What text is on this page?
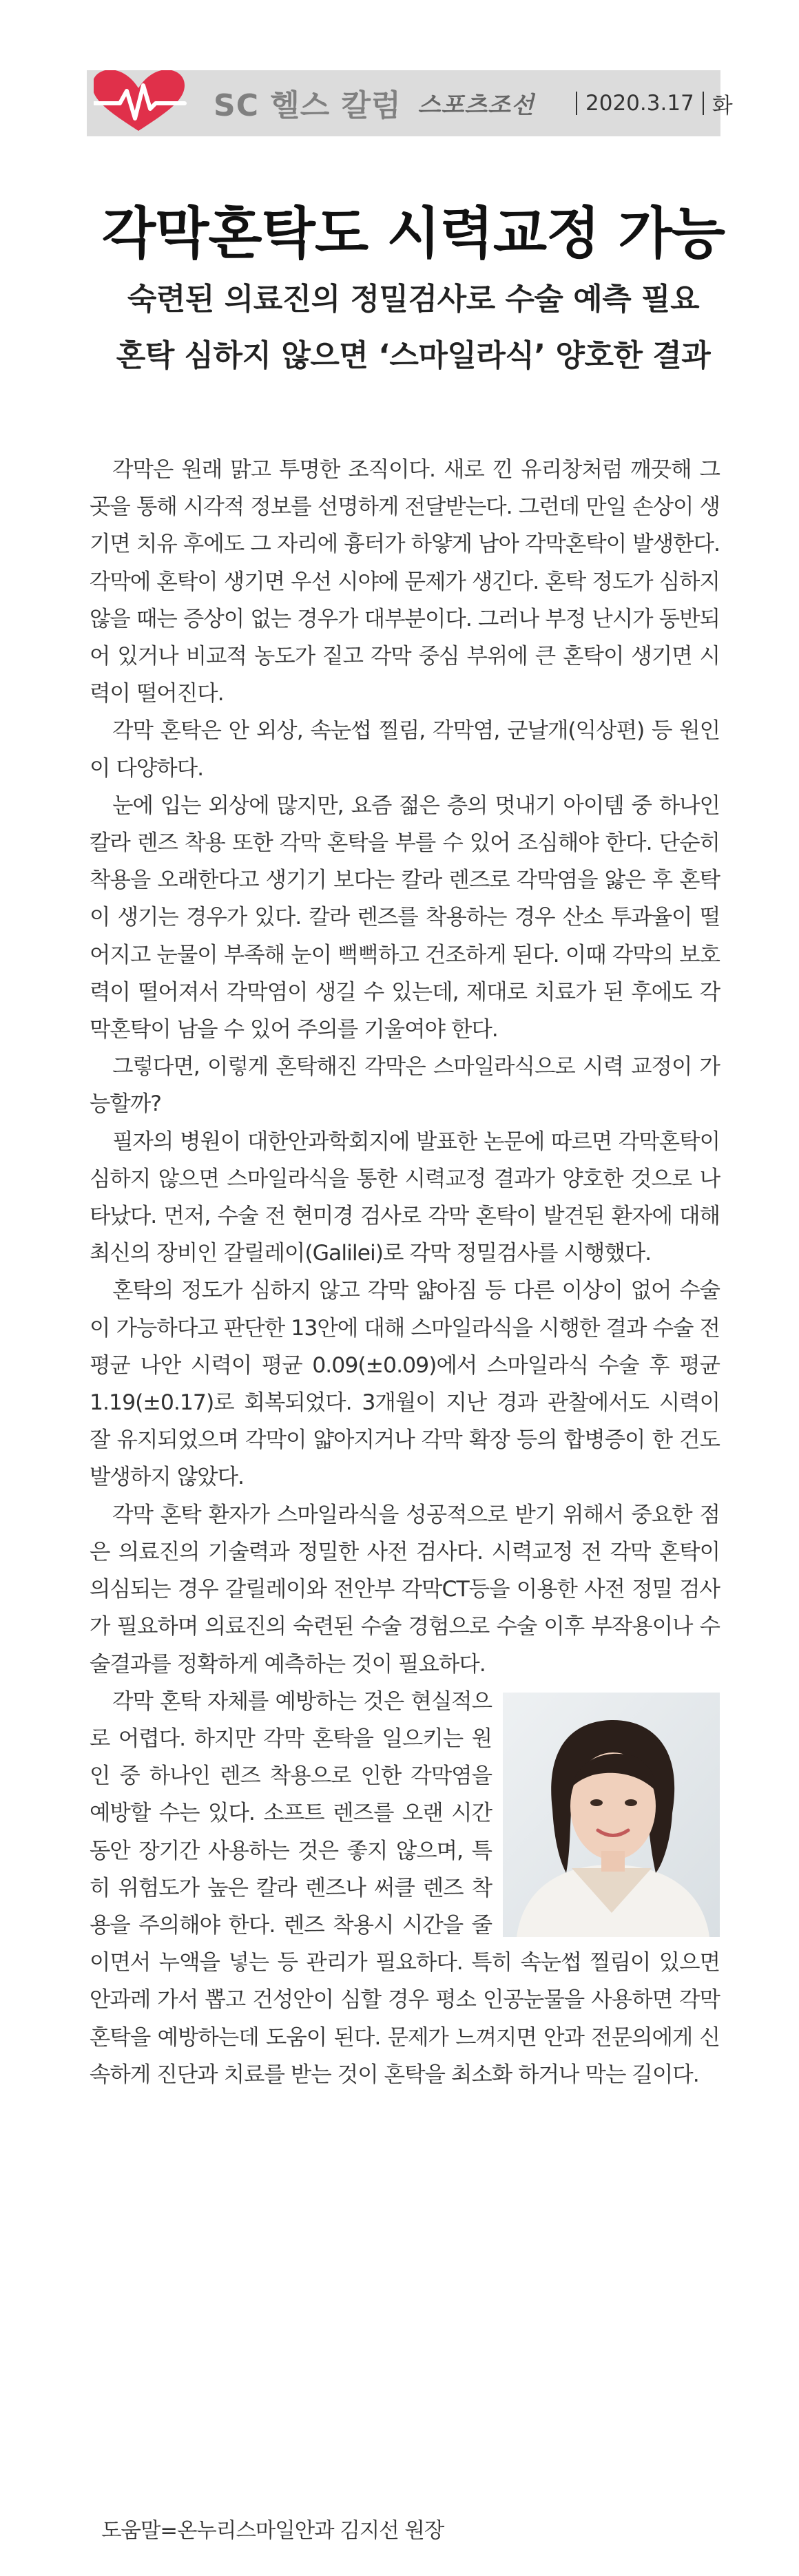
SC 헬스 칼럼 스포츠조선 2020.3.17 화
각막혼탁도 시력교정 가능
숙련된 의료진의 정밀검사로 수술 예측 필요
혼탁 심하지 않으면 ‘스마일라식’ 양호한 결과

각막은 원래 맑고 투명한 조직이다. 새로 낀 유리창처럼 깨끗해 그곳을 통해 시각적 정보를 선명하게 전달받는다. 그런데 만일 손상이 생기면 치유 후에도 그 자리에 흉터가 하얗게 남아 각막혼탁이 발생한다. 각막에 혼탁이 생기면 우선 시야에 문제가 생긴다. 혼탁 정도가 심하지 않을 때는 증상이 없는 경우가 대부분이다. 그러나 부정 난시가 동반되어 있거나 비교적 농도가 짙고 각막 중심 부위에 큰 혼탁이 생기면 시력이 떨어진다.

각막 혼탁은 안 외상, 속눈썹 찔림, 각막염, 군날개(익상편) 등 원인이 다양하다.

눈에 입는 외상에 많지만, 요즘 젊은 층의 멋내기 아이템 중 하나인 칼라 렌즈 착용 또한 각막 혼탁을 부를 수 있어 조심해야 한다. 단순히 착용을 오래한다고 생기기 보다는 칼라 렌즈로 각막염을 앓은 후 혼탁이 생기는 경우가 있다. 칼라 렌즈를 착용하는 경우 산소 투과율이 떨어지고 눈물이 부족해 눈이 뻑뻑하고 건조하게 된다. 이때 각막의 보호력이 떨어져서 각막염이 생길 수 있는데, 제대로 치료가 된 후에도 각막혼탁이 남을 수 있어 주의를 기울여야 한다.

그렇다면, 이렇게 혼탁해진 각막은 스마일라식으로 시력 교정이 가능할까?

필자의 병원이 대한안과학회지에 발표한 논문에 따르면 각막혼탁이 심하지 않으면 스마일라식을 통한 시력교정 결과가 양호한 것으로 나타났다. 먼저, 수술 전 현미경 검사로 각막 혼탁이 발견된 환자에 대해 최신의 장비인 갈릴레이(Galilei)로 각막 정밀검사를 시행했다.

혼탁의 정도가 심하지 않고 각막 얇아짐 등 다른 이상이 없어 수술이 가능하다고 판단한 13안에 대해 스마일라식을 시행한 결과 수술 전 평균 나안 시력이 평균 0.09(±0.09)에서 스마일라식 수술 후 평균 1.19(±0.17)로 회복되었다. 3개월이 지난 경과 관찰에서도 시력이 잘 유지되었으며 각막이 얇아지거나 각막 확장 등의 합병증이 한 건도 발생하지 않았다.

각막 혼탁 환자가 스마일라식을 성공적으로 받기 위해서 중요한 점은 의료진의 기술력과 정밀한 사전 검사다. 시력교정 전 각막 혼탁이 의심되는 경우 갈릴레이와 전안부 각막CT등을 이용한 사전 정밀 검사가 필요하며 의료진의 숙련된 수술 경험으로 수술 이후 부작용이나 수술결과를 정확하게 예측하는 것이 필요하다.

각막 혼탁 자체를 예방하는 것은 현실적으로 어렵다. 하지만 각막 혼탁을 일으키는 원인 중 하나인 렌즈 착용으로 인한 각막염을 예방할 수는 있다. 소프트 렌즈를 오랜 시간 동안 장기간 사용하는 것은 좋지 않으며, 특히 위험도가 높은 칼라 렌즈나 써클 렌즈 착용을 주의해야 한다. 렌즈 착용시 시간을 줄이면서 누액을 넣는 등 관리가 필요하다. 특히 속눈썹 찔림이 있으면 안과레 가서 뽑고 건성안이 심할 경우 평소 인공눈물을 사용하면 각막 혼탁을 예방하는데 도움이 된다. 문제가 느껴지면 안과 전문의에게 신속하게 진단과 치료를 받는 것이 혼탁을 최소화 하거나 막는 길이다.

도움말=온누리스마일안과 김지선 원장
